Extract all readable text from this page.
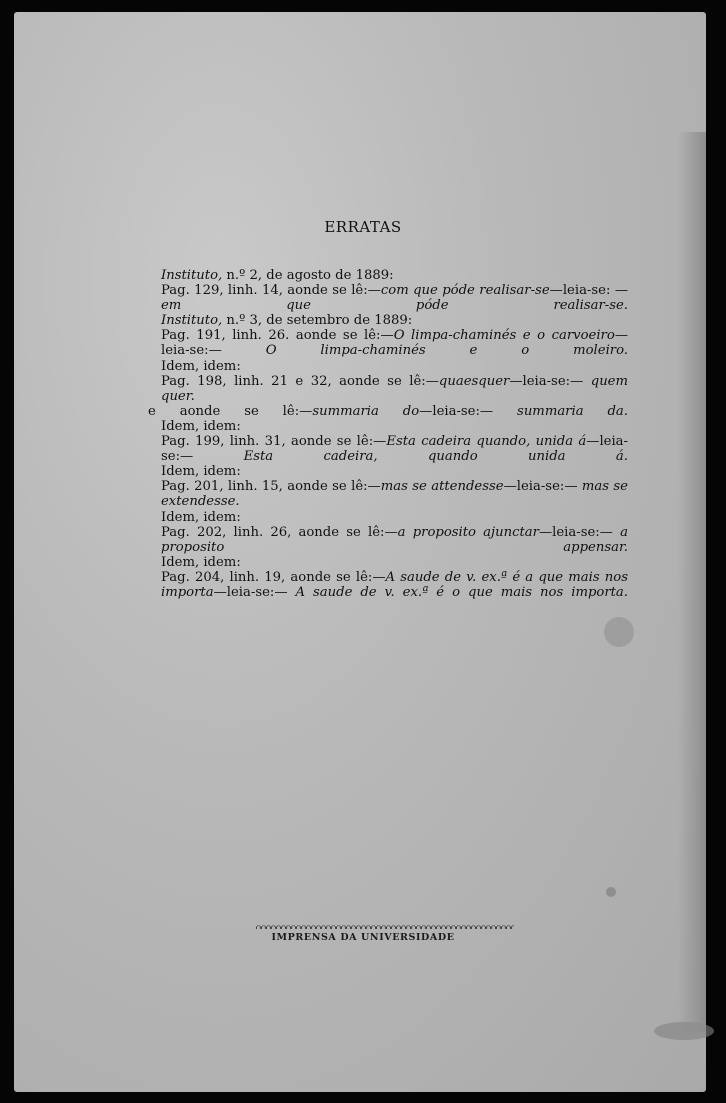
ERRATAS
Instituto, n.º 2, de agosto de 1889:
Pag. 129, linh. 14, aonde se lê:—com que póde realisar-se—leia-se: —em que póde realisar-se.
Instituto, n.º 3, de setembro de 1889:
Pag. 191, linh. 26. aonde se lê:—O limpa-chaminés e o carvoeiro—leia-se:—	O limpa-chaminés e o moleiro.
Idem, idem:
Pag. 198, linh. 21 e 32, aonde se lê:—quaesquer—leia-se:— quem quer.
e aonde se lê:—summaria do—leia-se:— summaria da.
Idem, idem:
Pag. 199, linh. 31, aonde se lê:—Esta cadeira quando, unida á—leia-se:—	Esta cadeira, quando unida á.
Idem, idem:
Pag. 201, linh. 15, aonde se lê:—mas se attendesse—leia-se:— mas se extendesse.
Idem, idem:
Pag. 202, linh. 26, aonde se lê:—a proposito ajunctar—leia-se:— a proposito appensar.
Idem, idem:
Pag. 204, linh. 19, aonde se lê:—A saude de v. ex.ª é a que mais nos importa—leia-se:— A saude de v. ex.ª é o que mais nos importa.
IMPRENSA DA UNIVERSIDADE
